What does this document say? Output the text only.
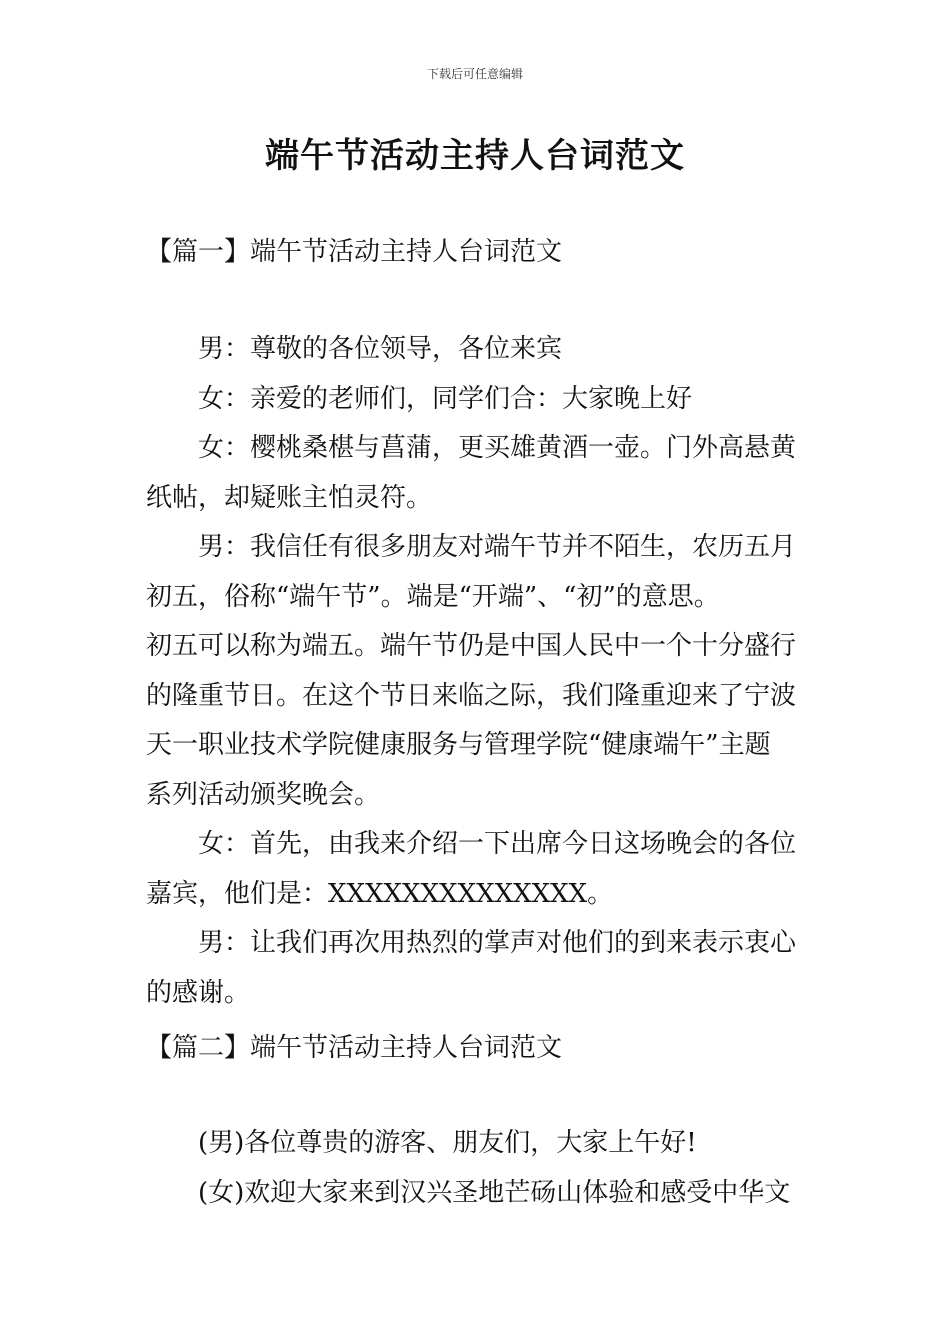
下载后可任意编辑
端午节活动主持人台词范文
【篇一】端午节活动主持人台词范文
男：尊敬的各位领导，各位来宾
女：亲爱的老师们，同学们合：大家晚上好
女：樱桃桑椹与菖蒲，更买雄黄酒一壶。门外高悬黄
纸帖，却疑账主怕灵符。
男：我信任有很多朋友对端午节并不陌生，农历五月
初五，俗称“端午节”。端是“开端”、“初”的意思。
初五可以称为端五。端午节仍是中国人民中一个十分盛行
的隆重节日。在这个节日来临之际，我们隆重迎来了宁波
天一职业技术学院健康服务与管理学院“健康端午”主题
系列活动颁奖晚会。
女：首先，由我来介绍一下出席今日这场晚会的各位
嘉宾，他们是：XXXXXXXXXXXXXX。
男：让我们再次用热烈的掌声对他们的到来表示衷心
的感谢。
【篇二】端午节活动主持人台词范文
(男)各位尊贵的游客、朋友们，大家上午好!
(女)欢迎大家来到汉兴圣地芒砀山体验和感受中华文
